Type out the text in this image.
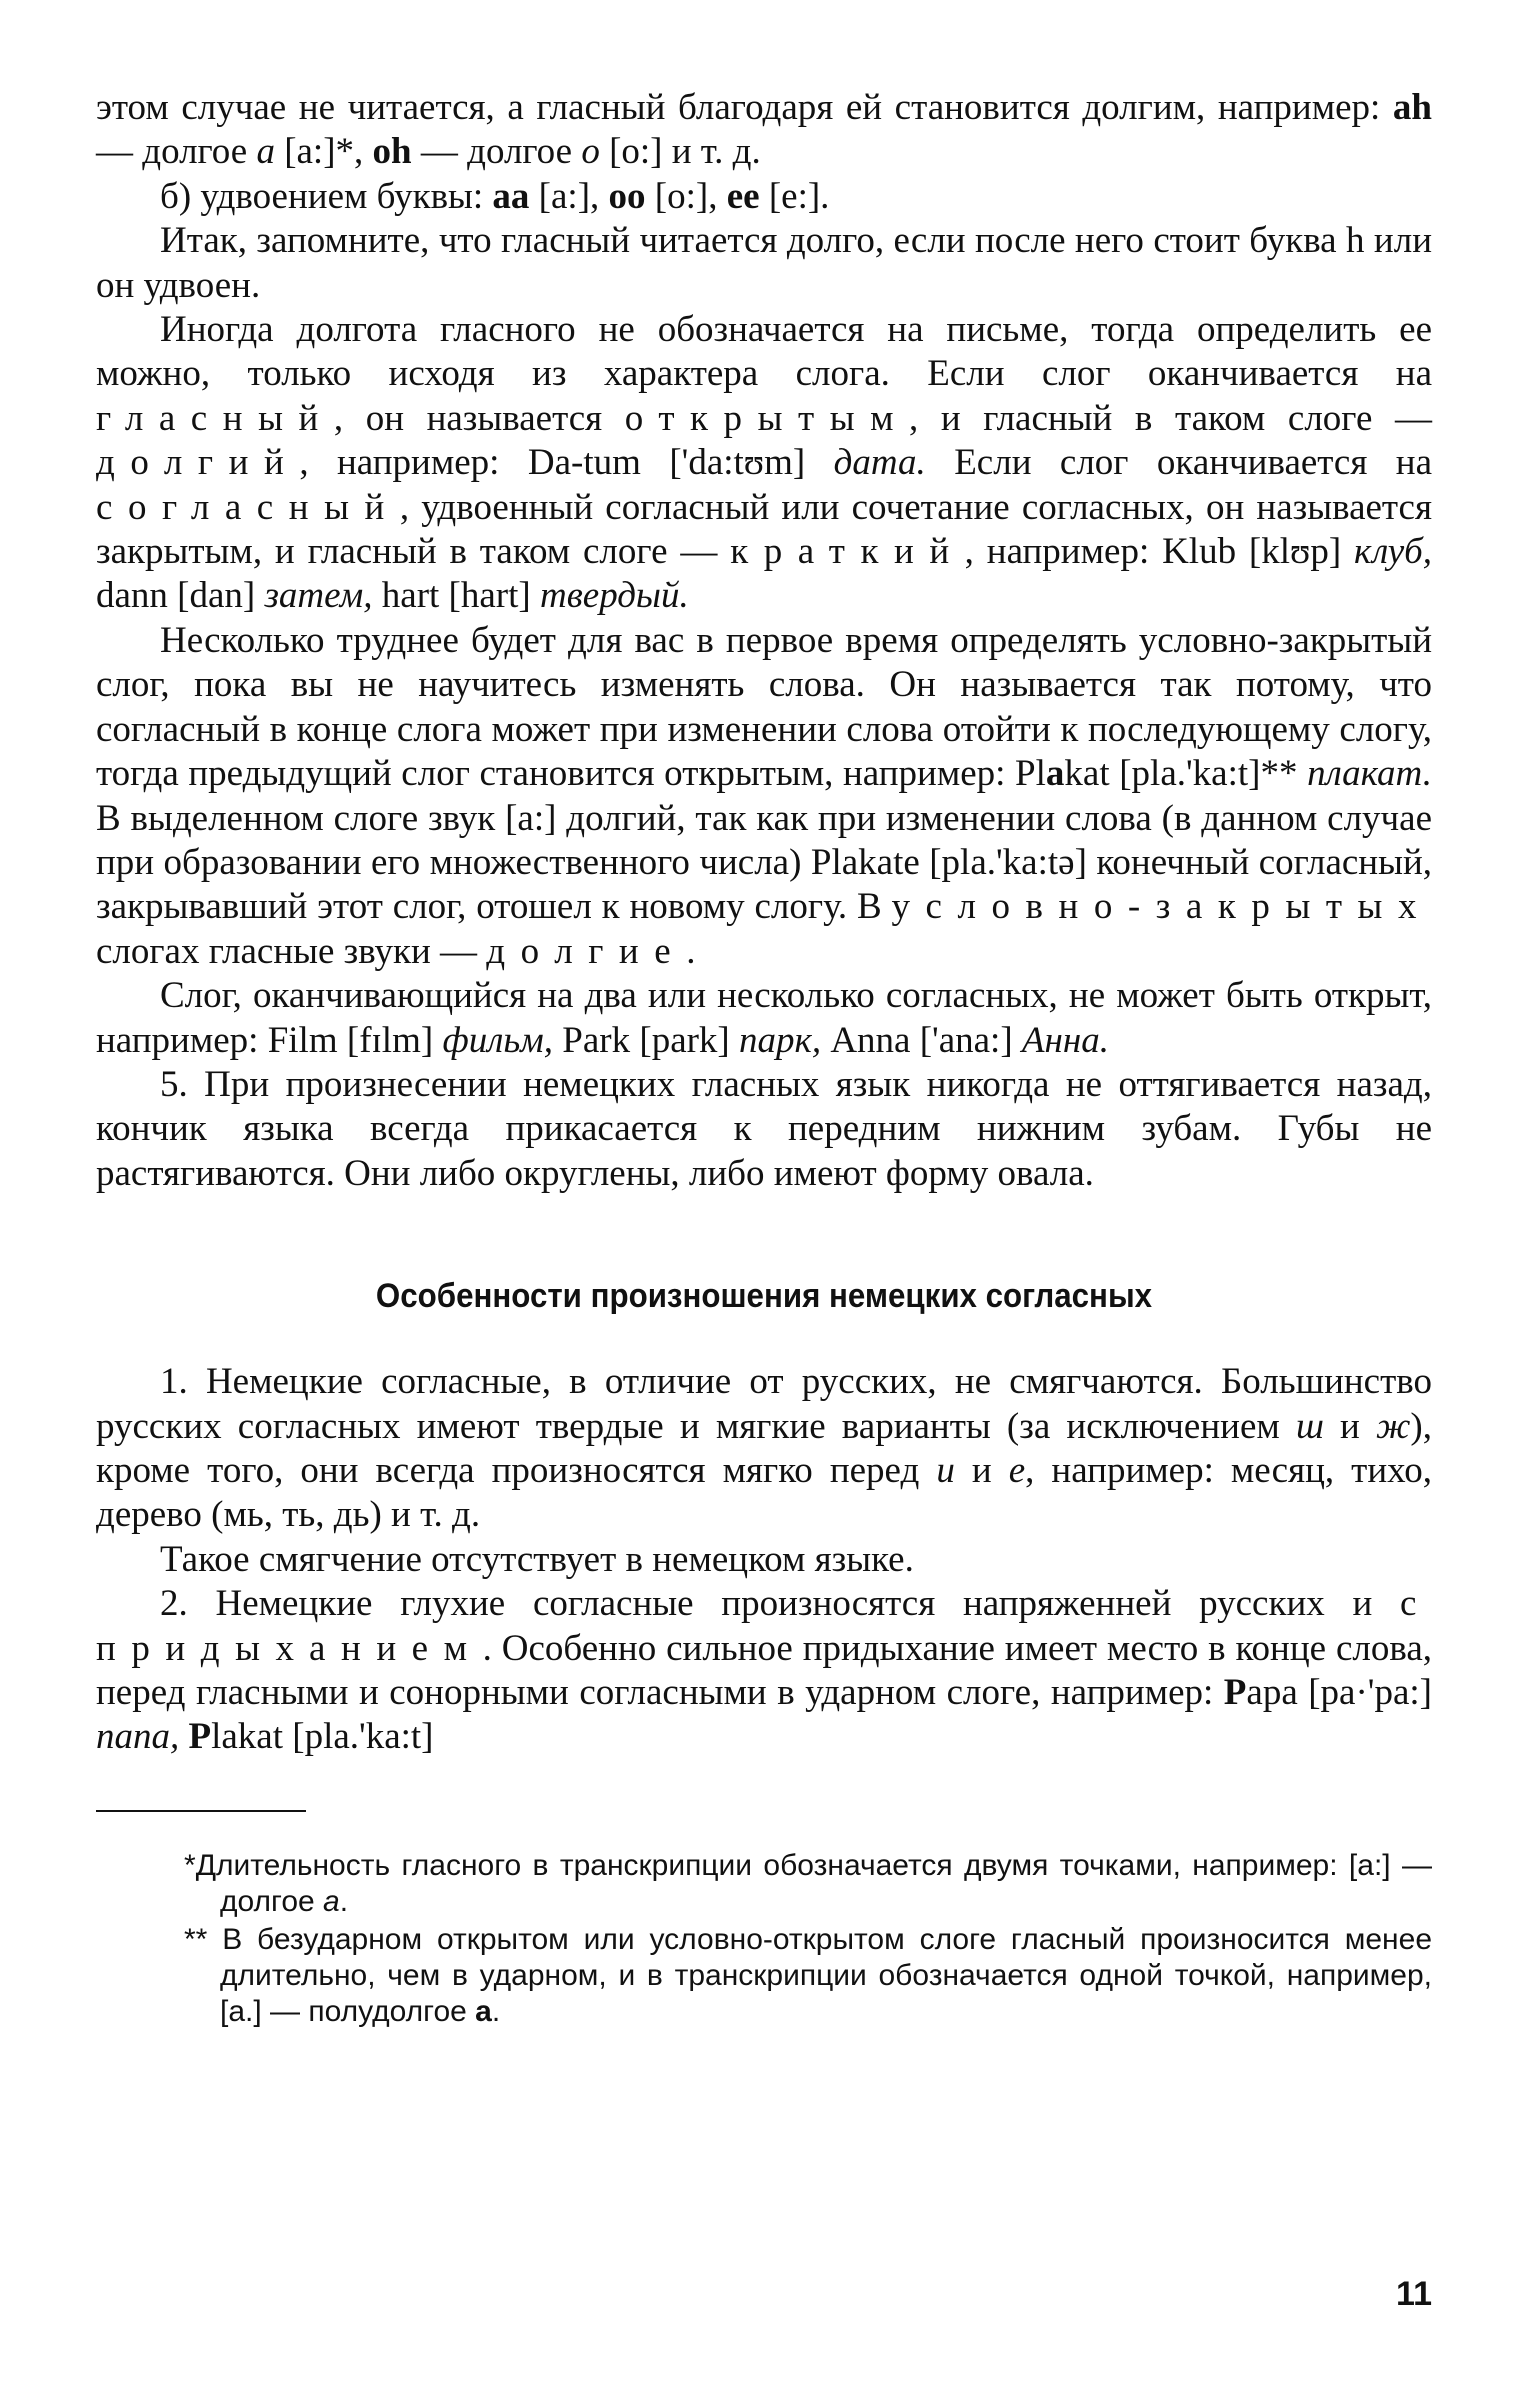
этом случае не читается, а гласный благодаря ей становится долгим, например: ah — долгое а [a:]*, oh — долгое о [o:] и т. д.

б) удвоением буквы: aa [a:], oo [o:], ee [e:].

Итак, запомните, что гласный читается долго, если после него стоит буква h или он удвоен.

Иногда долгота гласного не обозначается на письме, тогда определить ее можно, только исходя из характера слога. Если слог оканчивается на гласный, он называется открытым, и гласный в таком слоге — долгий, например: Da-tum ['da:tʊm] дата. Если слог оканчивается на согласный, удвоенный согласный или сочетание согласных, он называется закрытым, и гласный в таком слоге — краткий, например: Klub [klʊp] клуб, dann [dan] затем, hart [hart] твердый.

Несколько труднее будет для вас в первое время определять условно-закрытый слог, пока вы не научитесь изменять слова. Он называется так потому, что согласный в конце слога может при изменении слова отойти к последующему слогу, тогда предыдущий слог становится открытым, например: Plakat [pla.'ka:t]** плакат. В выделенном слоге звук [a:] долгий, так как при изменении слова (в данном случае при образовании его множественного числа) Plakate [pla.'ka:tə] конечный согласный, закрывавший этот слог, отошел к новому слогу. В условно-закрытых слогах гласные звуки — долгие.

Слог, оканчивающийся на два или несколько согласных, не может быть открыт, например: Film [fɪlm] фильм, Park [park] парк, Anna ['ana:] Анна.

5. При произнесении немецких гласных язык никогда не оттягивается назад, кончик языка всегда прикасается к передним нижним зубам. Губы не растягиваются. Они либо округлены, либо имеют форму овала.

Особенности произношения немецких согласных

1. Немецкие согласные, в отличие от русских, не смягчаются. Большинство русских согласных имеют твердые и мягкие варианты (за исключением ш и ж), кроме того, они всегда произносятся мягко перед и и е, например: месяц, тихо, дерево (мь, ть, дь) и т. д.

Такое смягчение отсутствует в немецком языке.

2. Немецкие глухие согласные произносятся напряженней русских и с придыханием. Особенно сильное придыхание имеет место в конце слова, перед гласными и сонорными согласными в ударном слоге, например: Papa [pa·'pa:] папа, Plakat [pla.'ka:t]

*Длительность гласного в транскрипции обозначается двумя точками, например: [a:] — долгое а.

** В безударном открытом или условно-открытом слоге гласный произносится менее длительно, чем в ударном, и в транскрипции обозначается одной точкой, например, [a.] — полудолгое а.

11
